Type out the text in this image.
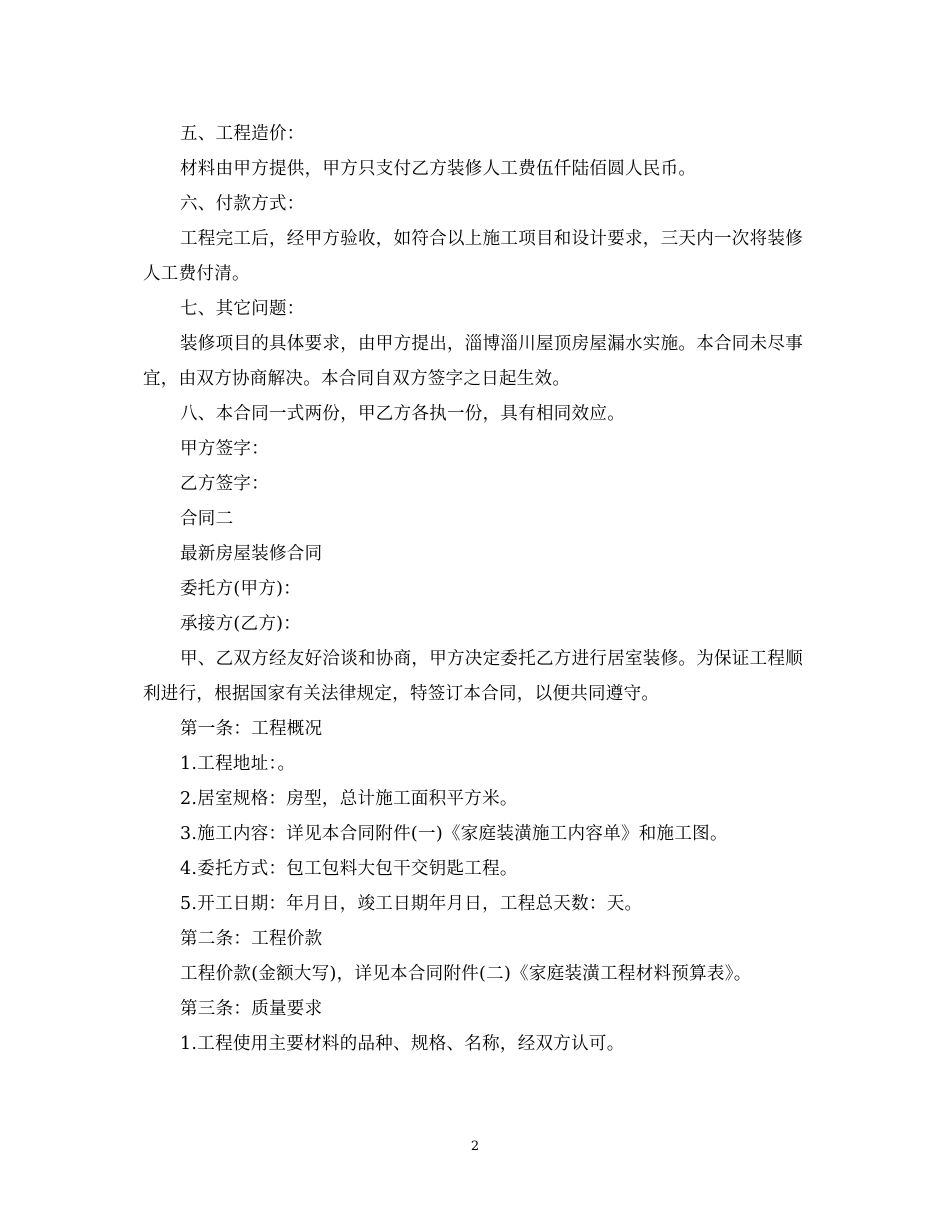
五、工程造价：

材料由甲方提供，甲方只支付乙方装修人工费伍仟陆佰圆人民币。

六、付款方式：

工程完工后，经甲方验收，如符合以上施工项目和设计要求，三天内一次将装修人工费付清。

七、其它问题：

装修项目的具体要求，由甲方提出，淄博淄川屋顶房屋漏水实施。本合同未尽事宜，由双方协商解决。本合同自双方签字之日起生效。

八、本合同一式两份，甲乙方各执一份，具有相同效应。

甲方签字：

乙方签字：

合同二

最新房屋装修合同

委托方(甲方)：

承接方(乙方)：

甲、乙双方经友好洽谈和协商，甲方决定委托乙方进行居室装修。为保证工程顺利进行，根据国家有关法律规定，特签订本合同，以便共同遵守。

第一条：工程概况

1.工程地址：。

2.居室规格：房型，总计施工面积平方米。

3.施工内容：详见本合同附件(一)《家庭装潢施工内容单》和施工图。

4.委托方式：包工包料大包干交钥匙工程。

5.开工日期：年月日，竣工日期年月日，工程总天数：天。

第二条：工程价款

工程价款(金额大写)，详见本合同附件(二)《家庭装潢工程材料预算表》。

第三条：质量要求

1.工程使用主要材料的品种、规格、名称，经双方认可。

2
